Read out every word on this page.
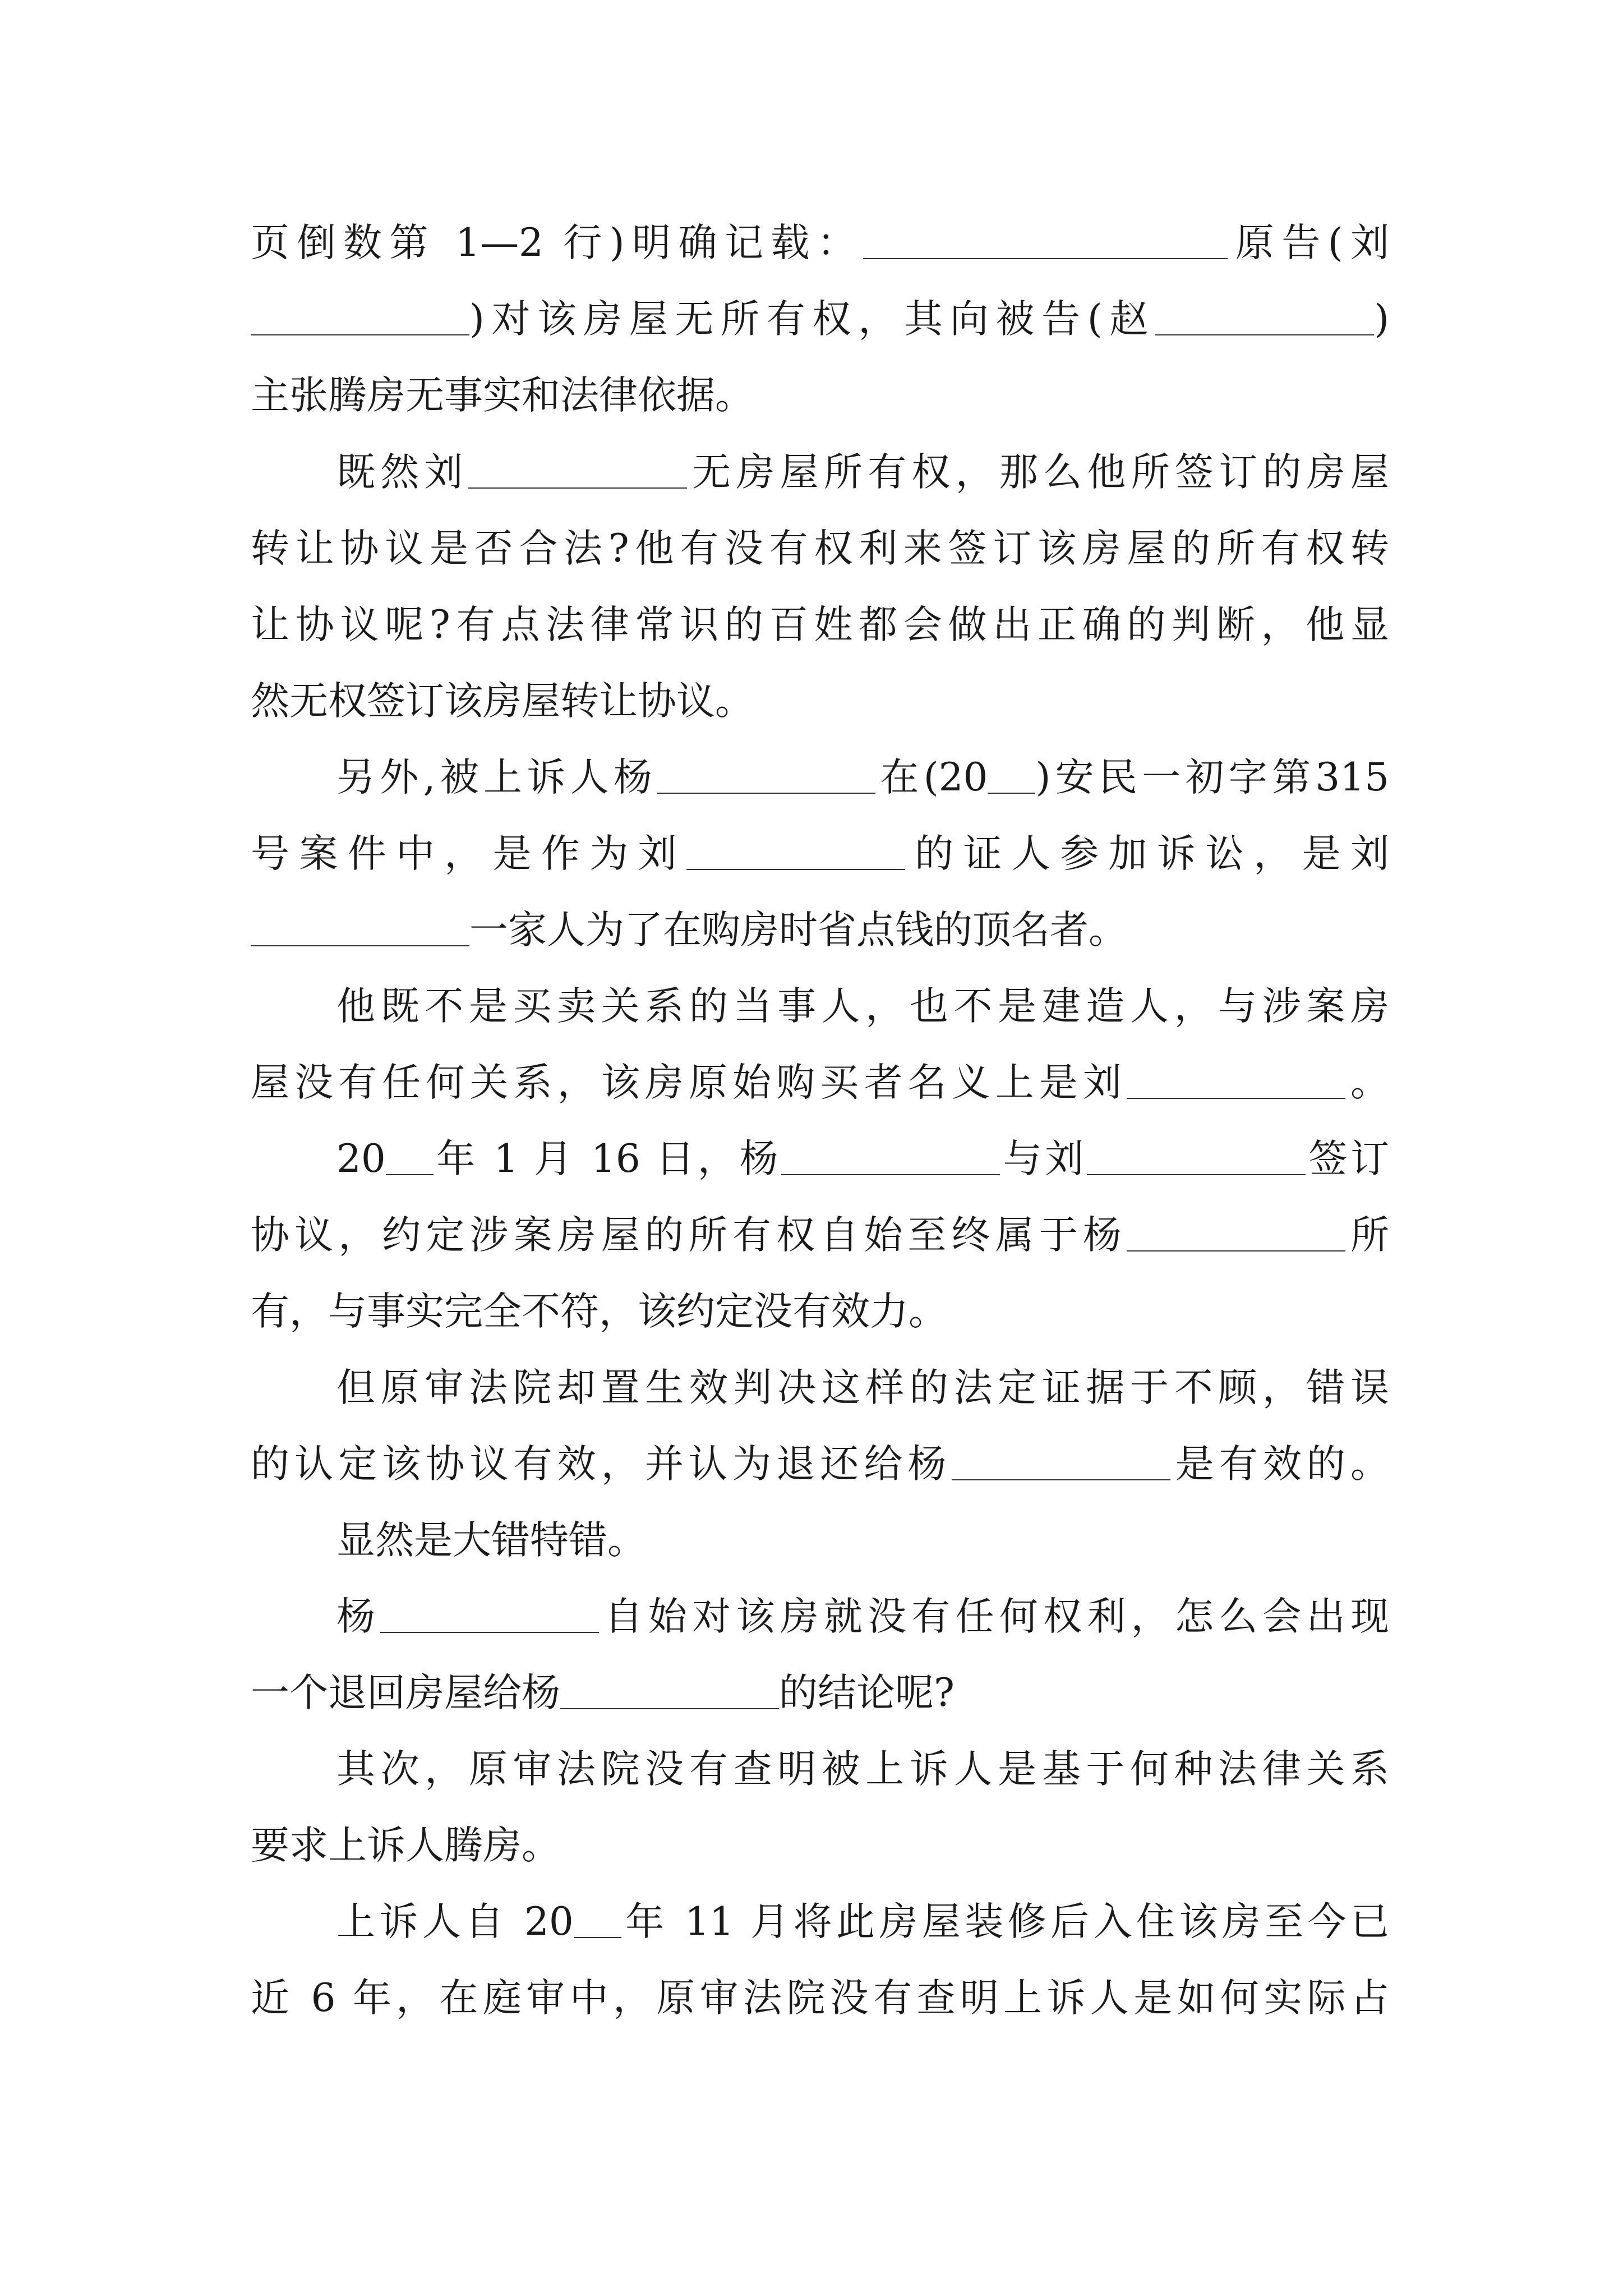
页倒数第 1—2 行)明确记载：	原告(刘
)对该房屋无所有权，其向被告(赵	)
主张腾房无事实和法律依据。
既然刘	无房屋所有权，那么他所签订的房屋
转让协议是否合法?他有没有权利来签订该房屋的所有权转
让协议呢?有点法律常识的百姓都会做出正确的判断，他显
然无权签订该房屋转让协议。
另外,被上诉人杨	在(20 )安民一初字第315
号案件中，是作为刘	的证人参加诉讼，是刘
一家人为了在购房时省点钱的顶名者。
他既不是买卖关系的当事人，也不是建造人，与涉案房
屋没有任何关系，该房原始购买者名义上是刘	。
20 年 1 月 16 日，杨	与刘	签订
协议，约定涉案房屋的所有权自始至终属于杨	所
有，与事实完全不符，该约定没有效力。
但原审法院却置生效判决这样的法定证据于不顾，错误
的认定该协议有效，并认为退还给杨	是有效的。
显然是大错特错。
杨	自始对该房就没有任何权利，怎么会出现
一个退回房屋给杨	的结论呢?
其次，原审法院没有查明被上诉人是基于何种法律关系
要求上诉人腾房。
上诉人自 20 年 11 月将此房屋装修后入住该房至今已
近 6 年，在庭审中，原审法院没有查明上诉人是如何实际占
